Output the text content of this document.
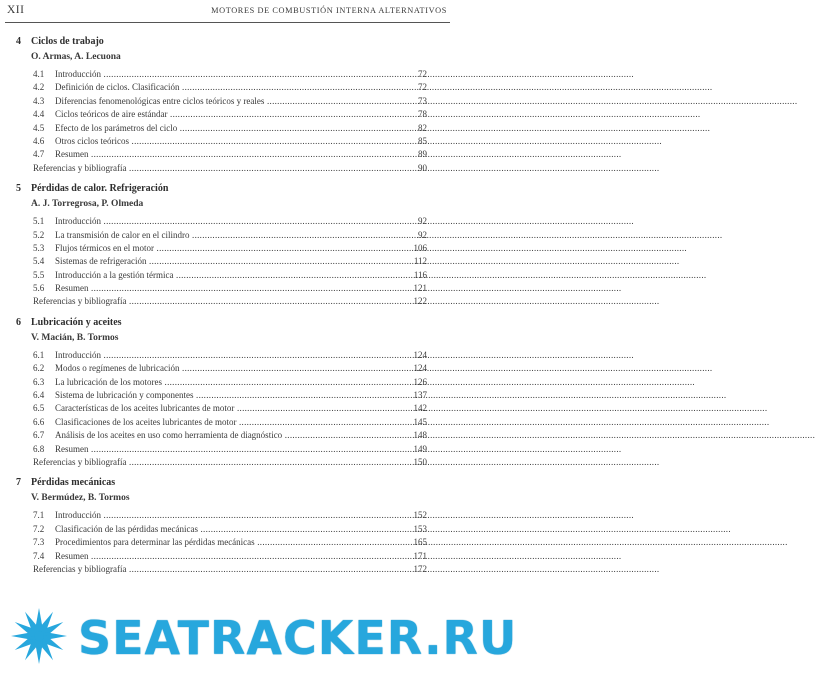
XII	MOTORES DE COMBUSTIÓN INTERNA ALTERNATIVOS
4 Ciclos de trabajo
O. Armas, A. Lecuona
4.1	Introducción .....	72
4.2	Definición de ciclos. Clasificación .....	72
4.3	Diferencias fenomenológicas entre ciclos teóricos y reales .....	73
4.4	Ciclos teóricos de aire estándar .....	78
4.5	Efecto de los parámetros del ciclo .....	82
4.6	Otros ciclos teóricos .....	85
4.7	Resumen .....	89
Referencias y bibliografía .....	90
5 Pérdidas de calor. Refrigeración
A. J. Torregrosa, P. Olmeda
5.1	Introducción .....	92
5.2	La transmisión de calor en el cilindro .....	92
5.3	Flujos térmicos en el motor .....	106
5.4	Sistemas de refrigeración .....	112
5.5	Introducción a la gestión térmica .....	116
5.6	Resumen .....	121
Referencias y bibliografía .....	122
6 Lubricación y aceites
V. Macián, B. Tormos
6.1	Introducción .....	124
6.2	Modos o regímenes de lubricación .....	124
6.3	La lubricación de los motores .....	126
6.4	Sistema de lubricación y componentes .....	137
6.5	Características de los aceites lubricantes de motor .....	142
6.6	Clasificaciones de los aceites lubricantes de motor .....	145
6.7	Análisis de los aceites en uso como herramienta de diagnóstico .....	148
6.8	Resumen .....	149
Referencias y bibliografía .....	150
7 Pérdidas mecánicas
V. Bermúdez, B. Tormos
7.1	Introducción .....	152
7.2	Clasificación de las pérdidas mecánicas .....	153
7.3	Procedimientos para determinar las pérdidas mecánicas .....	165
7.4	Resumen .....	171
Referencias y bibliografía .....	172
SEATRACKER.RU
